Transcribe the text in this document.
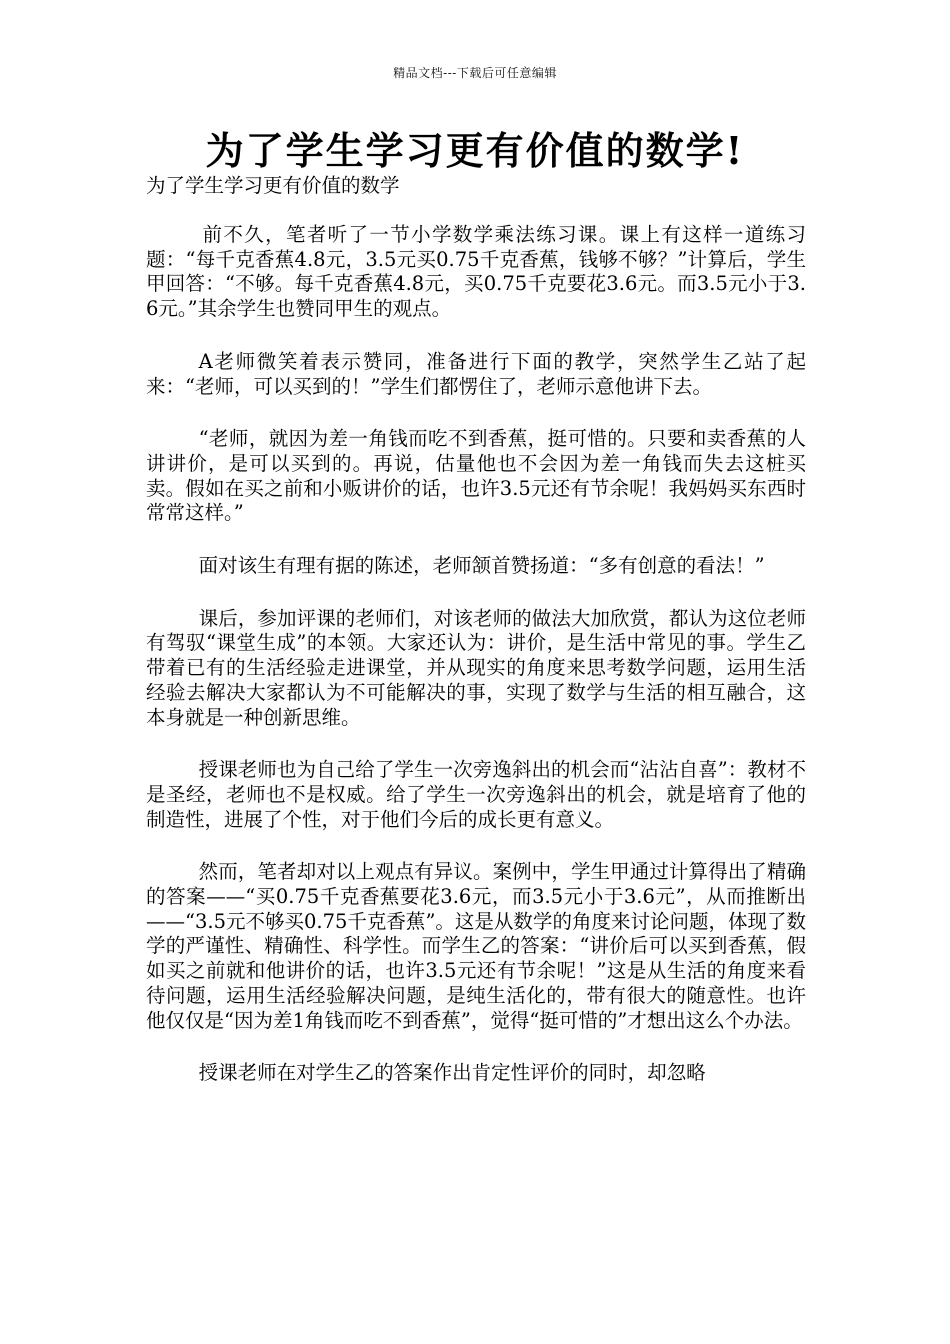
精品文档---下载后可任意编辑
为了学生学习更有价值的数学!
为了学生学习更有价值的数学

前不久，笔者听了一节小学数学乘法练习课。课上有这样一道练习题：“每千克香蕉4.8元，3.5元买0.75千克香蕉，钱够不够？”计算后，学生甲回答：“不够。每千克香蕉4.8元，买0.75千克要花3.6元。而3.5元小于3.6元。”其余学生也赞同甲生的观点。

A老师微笑着表示赞同，准备进行下面的教学，突然学生乙站了起来：“老师，可以买到的！”学生们都愣住了，老师示意他讲下去。

“老师，就因为差一角钱而吃不到香蕉，挺可惜的。只要和卖香蕉的人讲讲价，是可以买到的。再说，估量他也不会因为差一角钱而失去这桩买卖。假如在买之前和小贩讲价的话，也许3.5元还有节余呢！我妈妈买东西时常常这样。”

面对该生有理有据的陈述，老师颔首赞扬道：“多有创意的看法！”

课后，参加评课的老师们，对该老师的做法大加欣赏，都认为这位老师有驾驭“课堂生成”的本领。大家还认为：讲价，是生活中常见的事。学生乙带着已有的生活经验走进课堂，并从现实的角度来思考数学问题，运用生活经验去解决大家都认为不可能解决的事，实现了数学与生活的相互融合，这本身就是一种创新思维。

授课老师也为自己给了学生一次旁逸斜出的机会而“沾沾自喜”：教材不是圣经，老师也不是权威。给了学生一次旁逸斜出的机会，就是培育了他的制造性，进展了个性，对于他们今后的成长更有意义。

然而，笔者却对以上观点有异议。案例中，学生甲通过计算得出了精确的答案——“买0.75千克香蕉要花3.6元，而3.5元小于3.6元”，从而推断出——“3.5元不够买0.75千克香蕉”。这是从数学的角度来讨论问题，体现了数学的严谨性、精确性、科学性。而学生乙的答案：“讲价后可以买到香蕉，假如买之前就和他讲价的话，也许3.5元还有节余呢！”这是从生活的角度来看待问题，运用生活经验解决问题，是纯生活化的，带有很大的随意性。也许他仅仅是“因为差1角钱而吃不到香蕉”，觉得“挺可惜的”才想出这么个办法。

授课老师在对学生乙的答案作出肯定性评价的同时，却忽略
